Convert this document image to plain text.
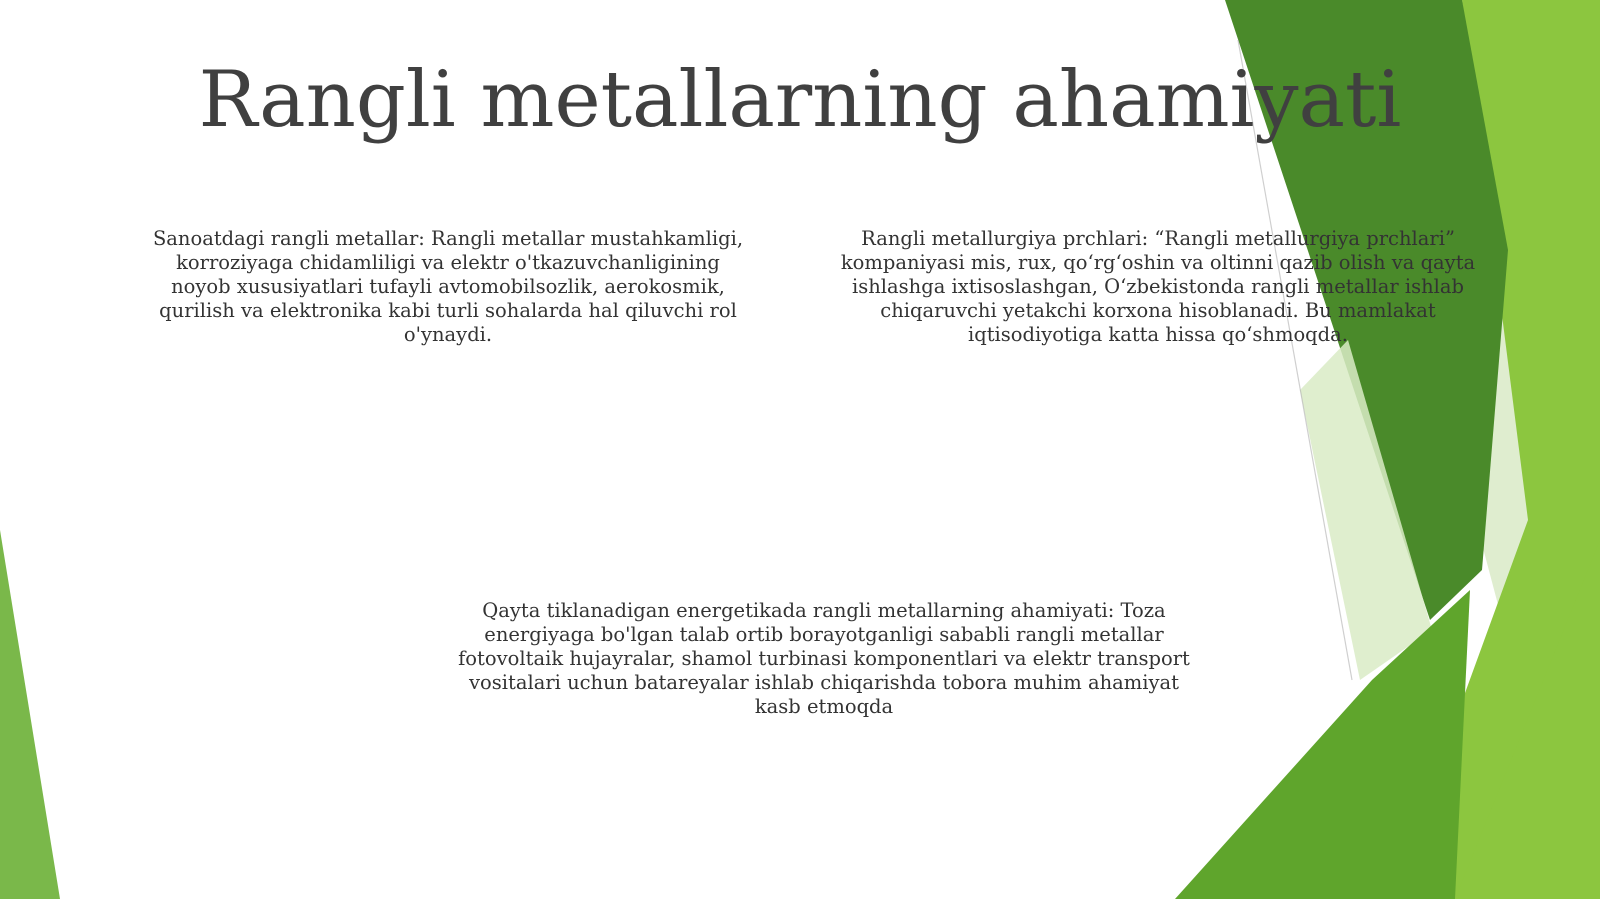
Rangli metallarning ahamiyati

Sanoatdagi rangli metallar: Rangli metallar mustahkamligi, korroziyaga chidamliligi va elektr o'tkazuvchanligining noyob xususiyatlari tufayli avtomobilsozlik, aerokosmik, qurilish va elektronika kabi turli sohalarda hal qiluvchi rol o'ynaydi.

Rangli metallurgiya prchlari: “Rangli metallurgiya prchlari” kompaniyasi mis, rux, qo‘rg‘oshin va oltinni qazib olish va qayta ishlashga ixtisoslashgan, O‘zbekistonda rangli metallar ishlab chiqaruvchi yetakchi korxona hisoblanadi. Bu mamlakat iqtisodiyotiga katta hissa qo‘shmoqda.

Qayta tiklanadigan energetikada rangli metallarning ahamiyati: Toza energiyaga bo'lgan talab ortib borayotganligi sababli rangli metallar fotovoltaik hujayralar, shamol turbinasi komponentlari va elektr transport vositalari uchun batareyalar ishlab chiqarishda tobora muhim ahamiyat kasb etmoqda
